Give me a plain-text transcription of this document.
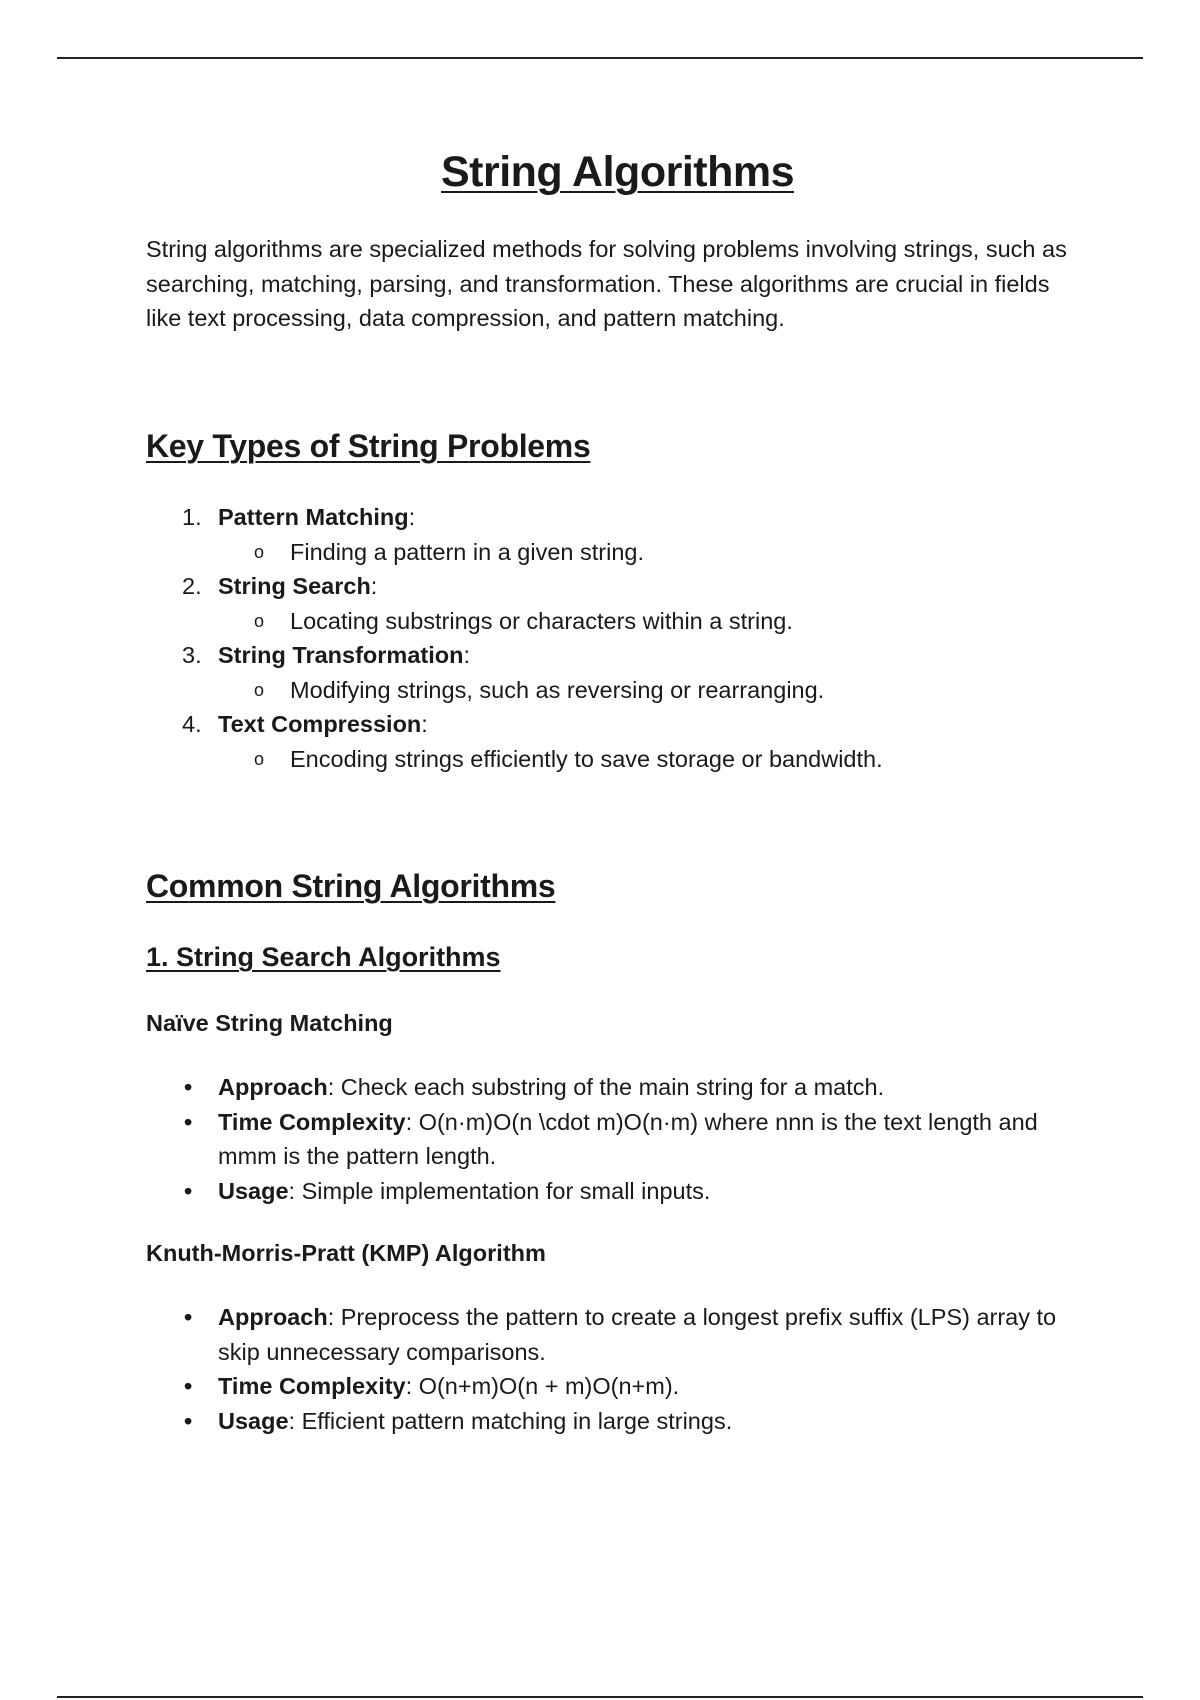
String Algorithms

String algorithms are specialized methods for solving problems involving strings, such as searching, matching, parsing, and transformation. These algorithms are crucial in fields like text processing, data compression, and pattern matching.

Key Types of String Problems
1. Pattern Matching:
o Finding a pattern in a given string.
2. String Search:
o Locating substrings or characters within a string.
3. String Transformation:
o Modifying strings, such as reversing or rearranging.
4. Text Compression:
o Encoding strings efficiently to save storage or bandwidth.
Common String Algorithms
1. String Search Algorithms
Naïve String Matching
• Approach: Check each substring of the main string for a match.
• Time Complexity: O(n·m)O(n \cdot m)O(n·m) where nnn is the text length and mmm is the pattern length.
• Usage: Simple implementation for small inputs.
Knuth-Morris-Pratt (KMP) Algorithm
• Approach: Preprocess the pattern to create a longest prefix suffix (LPS) array to skip unnecessary comparisons.
• Time Complexity: O(n+m)O(n + m)O(n+m).
• Usage: Efficient pattern matching in large strings.
